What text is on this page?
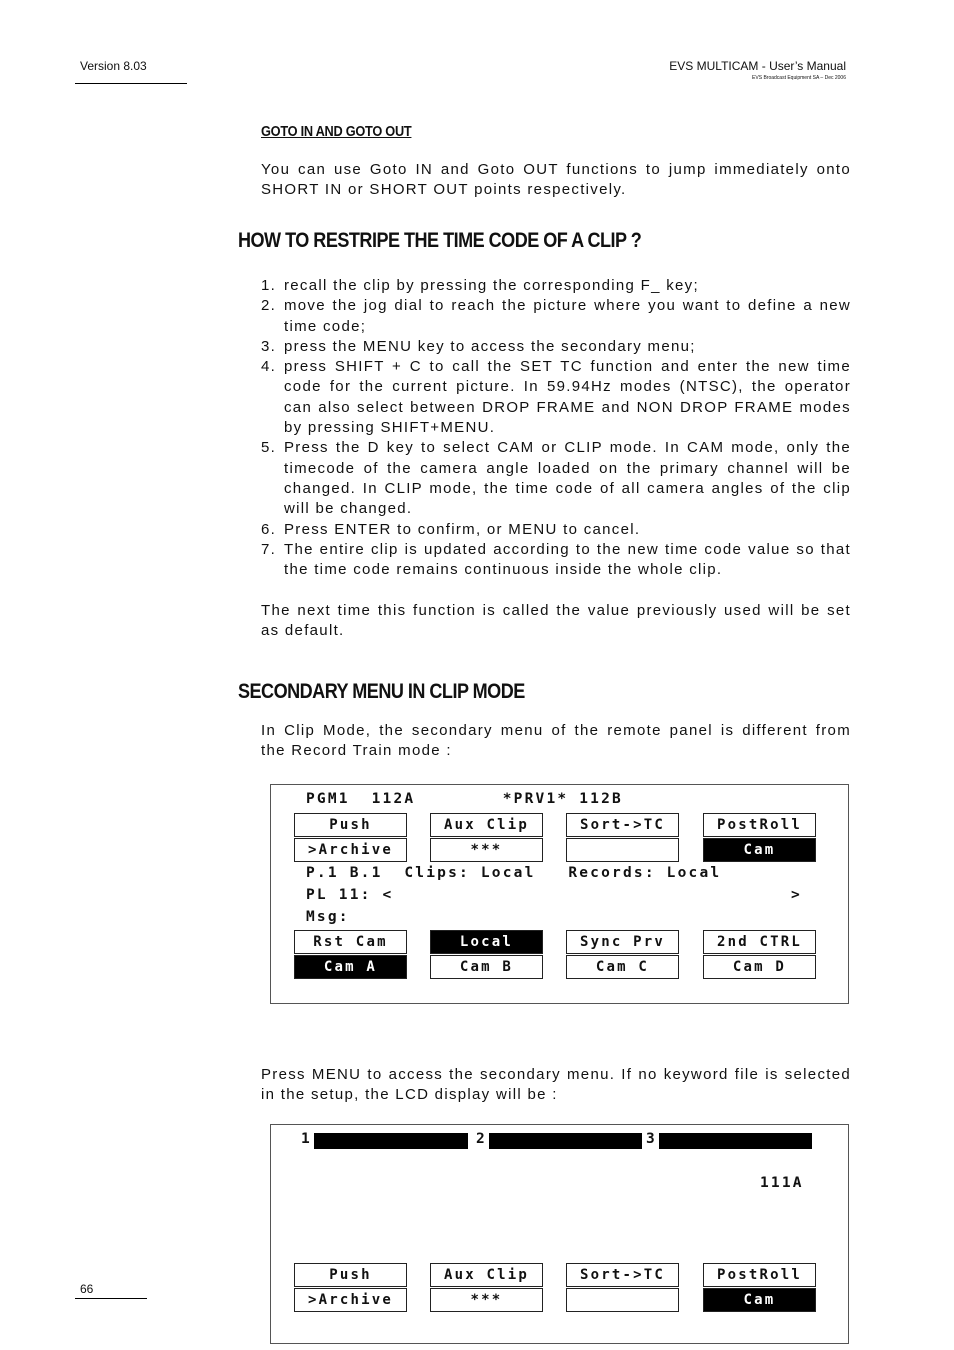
Version 8.03	EVS MULTICAM - User’s Manual
EVS Broadcast Equipment SA – Dec 2006
GOTO IN AND GOTO OUT
You can use Goto IN and Goto OUT functions to jump immediately onto SHORT IN or SHORT OUT points respectively.
HOW TO RESTRIPE THE TIME CODE OF A CLIP ?
1. recall the clip by pressing the corresponding F_ key;
2. move the jog dial to reach the picture where you want to define a new time code;
3. press the MENU key to access the secondary menu;
4. press SHIFT + C to call the SET TC function and enter the new time code for the current picture. In 59.94Hz modes (NTSC), the operator can also select between DROP FRAME and NON DROP FRAME modes by pressing SHIFT+MENU.
5. Press the D key to select CAM or CLIP mode. In CAM mode, only the timecode of the camera angle loaded on the primary channel will be changed. In CLIP mode, the time code of all camera angles of the clip will be changed.
6. Press ENTER to confirm, or MENU to cancel.
7. The entire clip is updated according to the new time code value so that the time code remains continuous inside the whole clip.
The next time this function is called the value previously used will be set as default.
SECONDARY MENU IN CLIP MODE
In Clip Mode, the secondary menu of the remote panel is different from the Record Train mode :
PGM1  112A        *PRV1* 112B
Push
>Archive
Aux Clip
***
Sort->TC	PostRoll
Cam
P.1 B.1  Clips: Local   Records: Local
PL 11: <	>
Msg:
Rst Cam
Cam A
Local
Cam B
Sync Prv
Cam C
2nd CTRL
Cam D
Press MENU to access the secondary menu. If no keyword file is selected in the setup, the LCD display will be :
1	2	3
111A
Push
>Archive
Aux Clip
***
Sort->TC	PostRoll
Cam
66
